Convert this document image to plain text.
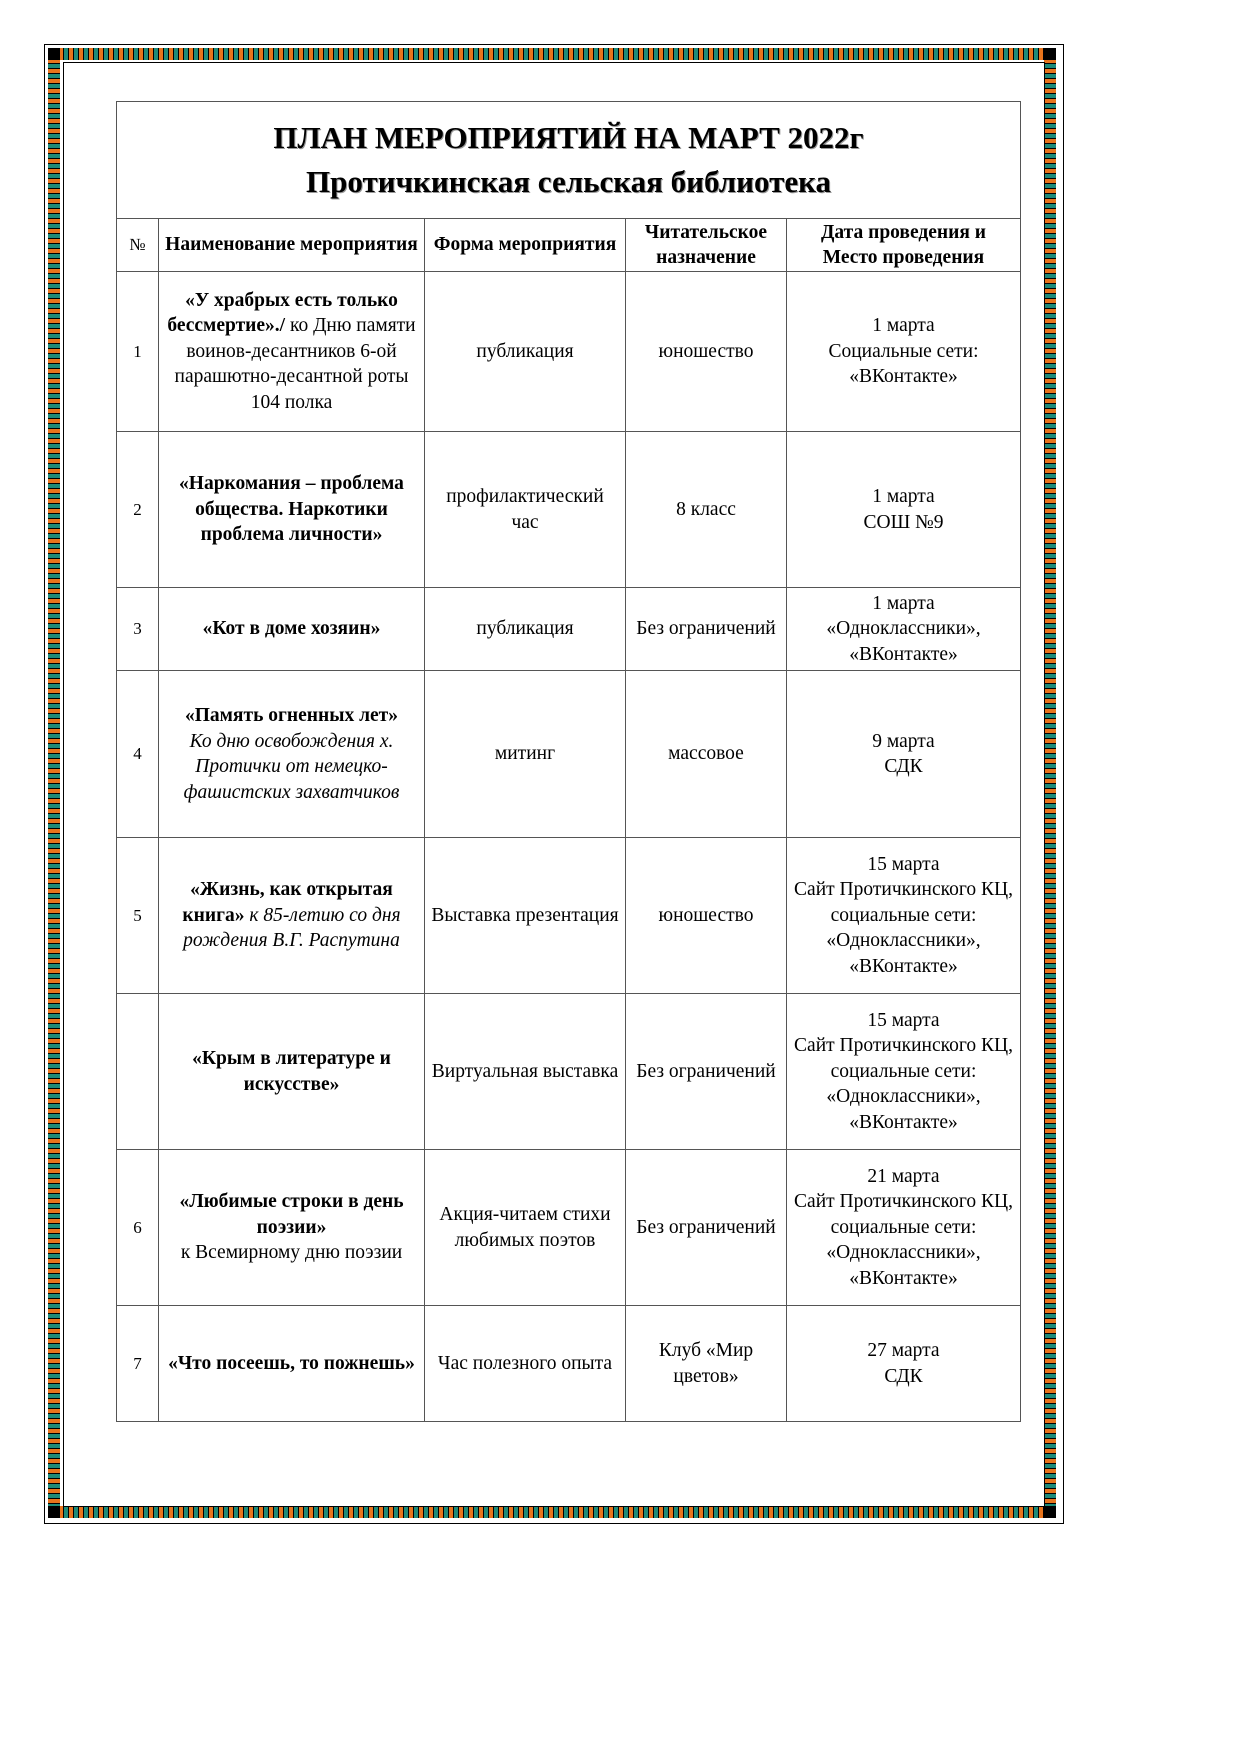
ПЛАН МЕРОПРИЯТИЙ НА МАРТ 2022г
Протичкинская сельская библиотека				

№	Наименование мероприятия	Форма мероприятия	Читательское назначение	Дата проведения и Место проведения
1	«У храбрых есть только бессмертие»./ ко Дню памяти воинов-десантников 6-ой парашютно-десантной роты 104 полка	публикация	юношество	1 марта
Социальные сети: «ВКонтакте»

2	«Наркомания – проблема общества. Наркотики проблема личности»	профилактический час	8 класс	1 марта
СОШ №9

3	«Кот в доме хозяин»	публикация	Без ограничений	1 марта
«Одноклассники», «ВКонтакте»

4	«Память огненных лет»
Ко дню освобождения х. Протички от немецко-фашистских захватчиков	митинг	массовое	9 марта
СДК

5	«Жизнь, как открытая книга» к 85-летию со дня рождения В.Г. Распутина	Выставка презентация	юношество	15 марта
Сайт Протичкинского КЦ, социальные сети: «Одноклассники», «ВКонтакте»

	«Крым в литературе и искусстве»	Виртуальная выставка	Без ограничений	15 марта
Сайт Протичкинского КЦ, социальные сети: «Одноклассники», «ВКонтакте»

6	«Любимые строки в день поэзии»
к Всемирному дню поэзии	Акция-читаем стихи любимых поэтов	Без ограничений	21 марта
Сайт Протичкинского КЦ, социальные сети: «Одноклассники», «ВКонтакте»

7	«Что посеешь, то пожнешь»	Час полезного опыта	Клуб «Мир цветов»	27 марта
СДК
